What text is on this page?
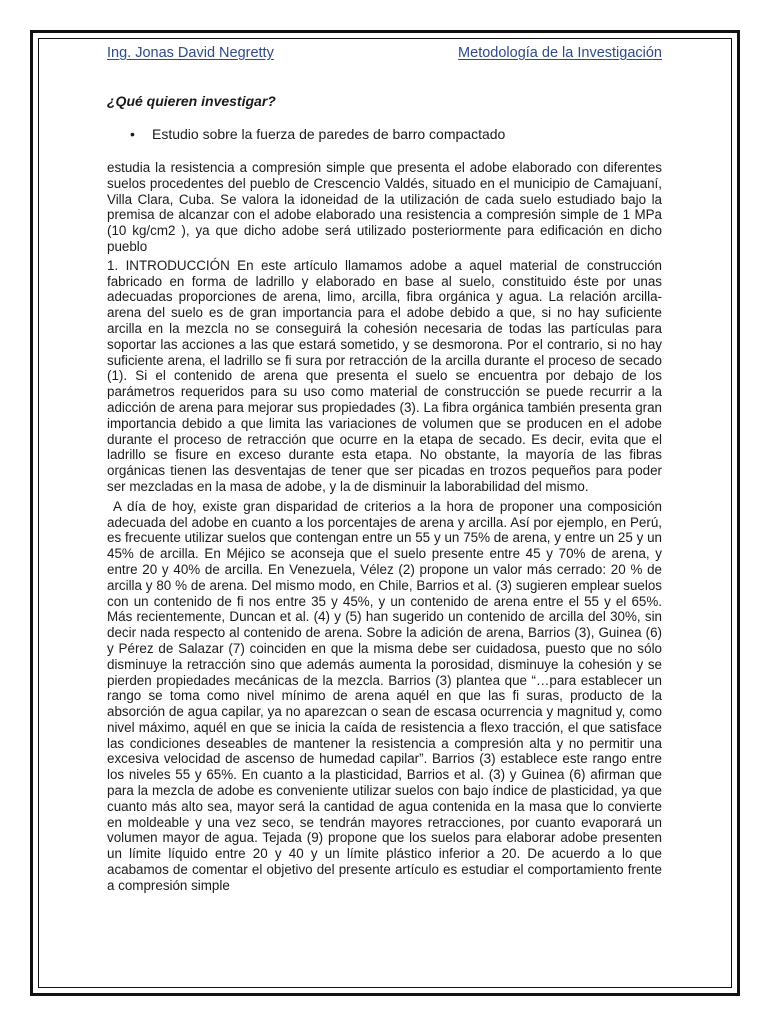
Ing. Jonas David Negretty	Metodología de la Investigación
¿Qué quieren investigar?
•	Estudio sobre la fuerza de paredes de barro compactado

estudia la resistencia a compresión simple que presenta el adobe elaborado con diferentes suelos procedentes del pueblo de Crescencio Valdés, situado en el municipio de Camajuaní, Villa Clara, Cuba. Se valora la idoneidad de la utilización de cada suelo estudiado bajo la premisa de alcanzar con el adobe elaborado una resistencia a compresión simple de 1 MPa (10 kg/cm2 ), ya que dicho adobe será utilizado posteriormente para edificación en dicho pueblo

1. INTRODUCCIÓN En este artículo llamamos adobe a aquel material de construcción fabricado en forma de ladrillo y elaborado en base al suelo, constituido éste por unas adecuadas proporciones de arena, limo, arcilla, fibra orgánica y agua. La relación arcilla-arena del suelo es de gran importancia para el adobe debido a que, si no hay suficiente arcilla en la mezcla no se conseguirá la cohesión necesaria de todas las partículas para soportar las acciones a las que estará sometido, y se desmorona. Por el contrario, si no hay suficiente arena, el ladrillo se fi sura por retracción de la arcilla durante el proceso de secado (1). Si el contenido de arena que presenta el suelo se encuentra por debajo de los parámetros requeridos para su uso como material de construcción se puede recurrir a la adicción de arena para mejorar sus propiedades (3). La fibra orgánica también presenta gran importancia debido a que limita las variaciones de volumen que se producen en el adobe durante el proceso de retracción que ocurre en la etapa de secado. Es decir, evita que el ladrillo se fisure en exceso durante esta etapa. No obstante, la mayoría de las fibras orgánicas tienen las desventajas de tener que ser picadas en trozos pequeños para poder ser mezcladas en la masa de adobe, y la de disminuir la laborabilidad del mismo.

A día de hoy, existe gran disparidad de criterios a la hora de proponer una composición adecuada del adobe en cuanto a los porcentajes de arena y arcilla. Así por ejemplo, en Perú, es frecuente utilizar suelos que contengan entre un 55 y un 75% de arena, y entre un 25 y un 45% de arcilla. En Méjico se aconseja que el suelo presente entre 45 y 70% de arena, y entre 20 y 40% de arcilla. En Venezuela, Vélez (2) propone un valor más cerrado: 20 % de arcilla y 80 % de arena. Del mismo modo, en Chile, Barrios et al. (3) sugieren emplear suelos con un contenido de fi nos entre 35 y 45%, y un contenido de arena entre el 55 y el 65%. Más recientemente, Duncan et al. (4) y (5) han sugerido un contenido de arcilla del 30%, sin decir nada respecto al contenido de arena. Sobre la adición de arena, Barrios (3), Guinea (6) y Pérez de Salazar (7) coinciden en que la misma debe ser cuidadosa, puesto que no sólo disminuye la retracción sino que además aumenta la porosidad, disminuye la cohesión y se pierden propiedades mecánicas de la mezcla. Barrios (3) plantea que “…para establecer un rango se toma como nivel mínimo de arena aquél en que las fi suras, producto de la absorción de agua capilar, ya no aparezcan o sean de escasa ocurrencia y magnitud y, como nivel máximo, aquél en que se inicia la caída de resistencia a flexo tracción, el que satisface las condiciones deseables de mantener la resistencia a compresión alta y no permitir una excesiva velocidad de ascenso de humedad capilar”. Barrios (3) establece este rango entre los niveles 55 y 65%. En cuanto a la plasticidad, Barrios et al. (3) y Guinea (6) afirman que para la mezcla de adobe es conveniente utilizar suelos con bajo índice de plasticidad, ya que cuanto más alto sea, mayor será la cantidad de agua contenida en la masa que lo convierte en moldeable y una vez seco, se tendrán mayores retracciones, por cuanto evaporará un volumen mayor de agua. Tejada (9) propone que los suelos para elaborar adobe presenten un límite líquido entre 20 y 40 y un límite plástico inferior a 20. De acuerdo a lo que acabamos de comentar el objetivo del presente artículo es estudiar el comportamiento frente a compresión simple
